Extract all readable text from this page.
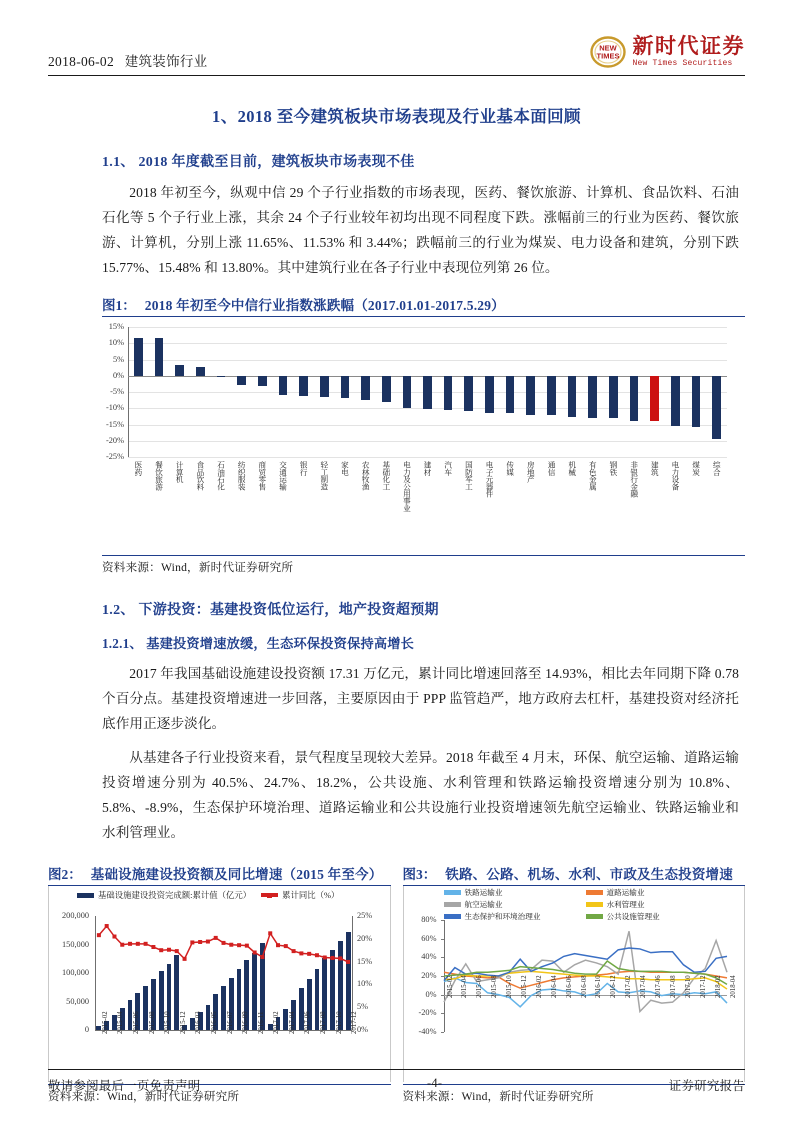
2018-06-02 建筑装饰行业
NEW
TIMES 新时代证券
New Times Securities
1、2018 至今建筑板块市场表现及行业基本面回顾
1.1、 2018 年度截至目前，建筑板块市场表现不佳

2018 年初至今，纵观中信 29 个子行业指数的市场表现，医药、餐饮旅游、计算机、食品饮料、石油石化等 5 个子行业上涨，其余 24 个子行业较年初均出现不同程度下跌。涨幅前三的行业为医药、餐饮旅游、计算机，分别上涨 11.65%、11.53% 和 3.44%；跌幅前三的行业为煤炭、电力设备和建筑，分别下跌 15.77%、15.48% 和 13.80%。其中建筑行业在各子行业中表现位列第 26 位。

图1： 2018 年初至今中信行业指数涨跌幅（2017.01.01-2017.5.29）
15%
10%
5%
0%
-5%
-10%
-15%
-20%
-25%
医药 餐饮旅游 计算机 食品饮料 石油石化 纺织服装 商贸零售 交通运输 银行 轻工制造 家电 农林牧渔 基础化工 电力及公用事业 建材 汽车 国防军工 电子元器件 传媒 房地产 通信 机械 有色金属 钢铁 非银行金融 建筑 电力设备 煤炭 综合
资料来源：Wind，新时代证券研究所
1.2、 下游投资：基建投资低位运行，地产投资超预期
1.2.1、 基建投资增速放缓，生态环保投资保持高增长

2017 年我国基础设施建设投资额 17.31 万亿元，累计同比增速回落至 14.93%，相比去年同期下降 0.78 个百分点。基建投资增速进一步回落，主要原因由于 PPP 监管趋严，地方政府去杠杆，基建投资对经济托底作用正逐步淡化。

从基建各子行业投资来看，景气程度呈现较大差异。2018 年截至 4 月末，环保、航空运输、道路运输投资增速分别为 40.5%、24.7%、18.2%，公共设施、水利管理和铁路运输投资增速分别为 10.8%、5.8%、-8.9%，生态保护环境治理、道路运输业和公共设施行业投资增速领先航空运输业、铁路运输业和水利管理业。

图2： 基础设施建设投资额及同比增速（2015 年至今）
基础设施建设投资完成额:累计值（亿元）	累计同比（%）
200,000
150,000
100,000
50,000
0
25%
20%
15%
10%
5%
0%
2015-02 2015-04 2015-06 2015-08 2015-10 2015-12 2016-03 2016-05 2016-07 2016-09 2016-11 2017-02 2017-04 2017-06 2017-08 2017-10 2017-12
资料来源：Wind，新时代证券研究所
图3： 铁路、公路、机场、水利、市政及生态投资增速
铁路运输业	道路运输业
航空运输业	水利管理业
生态保护和环境治理业	公共设施管理业
80%
60%
40%
20%
0%
-20%
-40%
2015-02 2015-04 2015-06 2015-08 2015-10 2015-12 2016-02 2016-04 2016-06 2016-08 2016-10 2016-12 2017-02 2017-04 2017-06 2017-08 2017-10 2017-12 2018-02 2018-04
资料来源：Wind，新时代证券研究所
敬请参阅最后一页免责声明	-4-	证券研究报告
